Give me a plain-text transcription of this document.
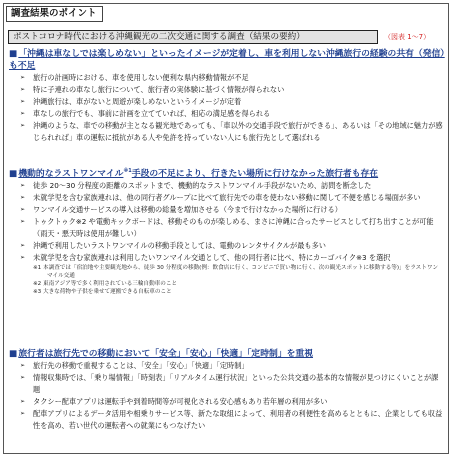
調査結果のポイント
ポストコロナ時代における沖縄観光の二次交通に関する調査（結果の要約）	（図表 1～7）
■「沖縄は車なしでは楽しめない」といったイメージが定着し、車を利用しない沖縄旅行の経験の共有（発信）も不足
➢
旅行の計画時における、車を使用しない便利な県内移動情報が不足
➢
特に子連れの車なし旅行について、旅行者の実体験に基づく情報が得られない
➢
沖縄旅行は、車がないと周遊が楽しめないというイメージが定着
➢
車なしの旅行でも、事前に計画を立てていれば、相応の満足感を得られる
➢
沖縄のような、車での移動が主となる観光地であっても、「車以外の交通手段で旅行ができる」、あるいは「その地域に魅力が感じられれば」車の運転に抵抗がある人や免許を持っていない人にも旅行先として選ばれる
■機動的なラストワンマイル$^{※1}$手段の不足により、行きたい場所に行けなかった旅行者も存在
➢
徒歩 20～30 分程度の距離のスポットまで、機動的なラストワンマイル手段がないため、訪問を断念した
➢
未就学児を含む家族連れは、他の同行者グループに比べて旅行先での車を使わない移動に関して不便を感じる場面が多い
➢
ワンマイル交通サービスの導入は移動の総量を増加させる（今まで行けなかった場所に行ける）
➢
トゥクトゥク※2 や電動キックボードは、移動そのものが楽しめる、まさに沖縄に合ったサービスとして打ち出すことが可能（雨天・悪天時は使用が難しい）
➢
沖縄で利用したいラストワンマイルの移動手段としては、電動のレンタサイクルが最も多い
➢
未就学児を含む家族連れは利用したいワンマイル交通として、他の同行者に比べ、特にカーゴバイク※3 を選択
※1 本調査では「宿泊地や主要観光地から、徒歩 30 分程度の移動(例：飲食店に行く、コンビニで買い物に行く、次の観光スポットに移動する等)」をラストワンマイル交通
※2 東南アジア等で多く利用されている三輪自動車のこと
※3 大きな荷物や子供を乗せて運搬できる自転車のこと
■旅行者は旅行先での移動において「安全」「安心」「快適」「定時制」を重視
➢
旅行先の移動で重視することは、「安全」「安心」「快適」「定時制」
➢
情報収集時では、「乗り場情報」「時刻表」「リアルタイム運行状況」といった公共交通の基本的な情報が見つけにくいことが課題
➢
タクシー配車アプリは運転手や到着時間等が可視化される安心感もあり若年層の利用が多い
➢
配車アプリによるデータ活用や相乗りサービス等、新たな取組によって、利用者の利便性を高めるとともに、企業としても収益性を高め、若い世代の運転者への就業にもつなげたい
